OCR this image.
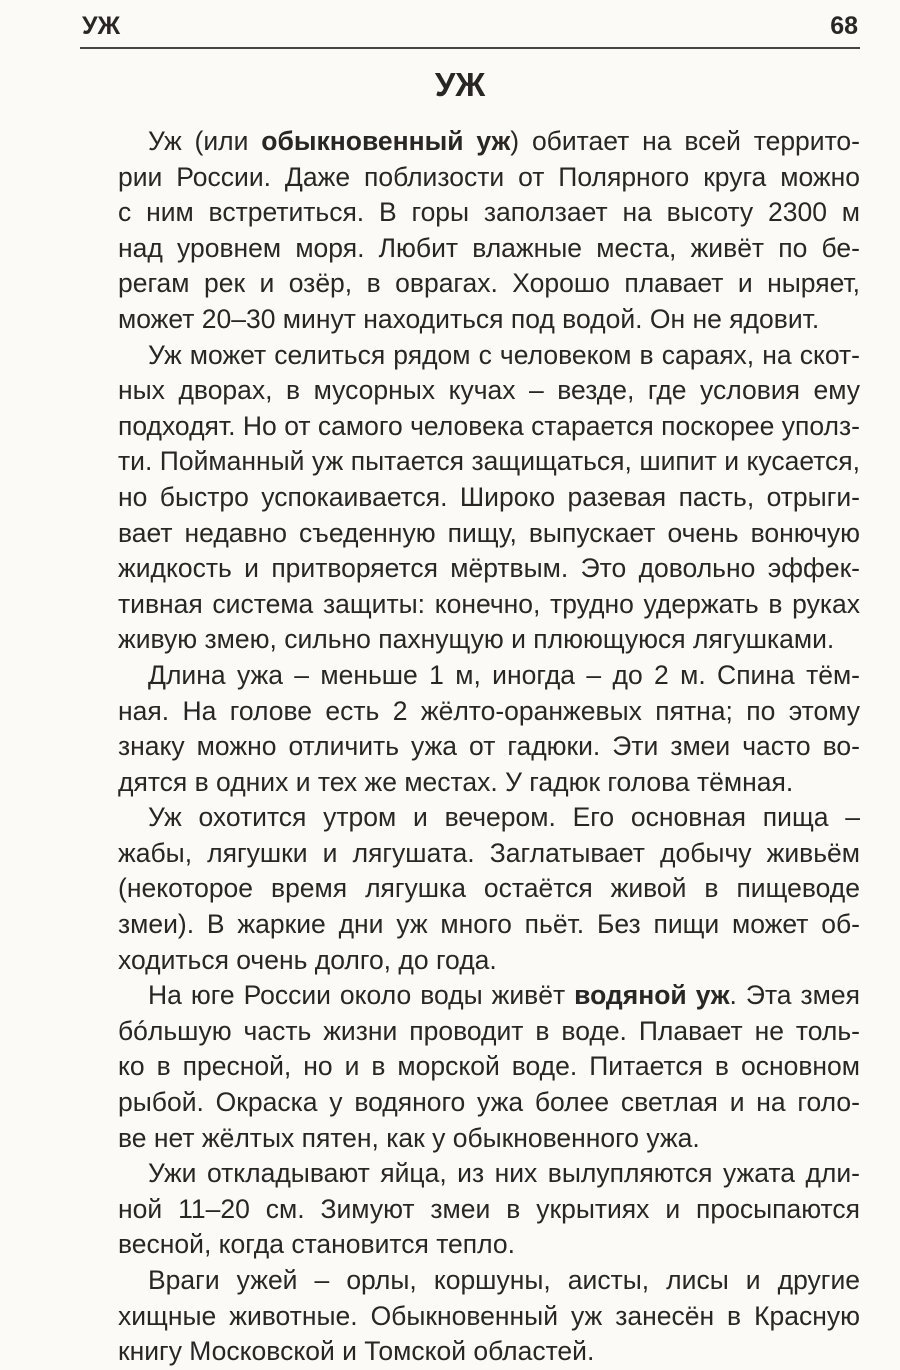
УЖ	68
УЖ
Уж (или обыкновенный уж) обитает на всей террито-
рии России. Даже поблизости от Полярного круга можно
с ним встретиться. В горы заползает на высоту 2300 м
над уровнем моря. Любит влажные места, живёт по бе-
регам рек и озёр, в оврагах. Хорошо плавает и ныряет,
может 20–30 минут находиться под водой. Он не ядовит.
Уж может селиться рядом с человеком в сараях, на скот-
ных дворах, в мусорных кучах – везде, где условия ему
подходят. Но от самого человека старается поскорее уполз-
ти. Пойманный уж пытается защищаться, шипит и кусается,
но быстро успокаивается. Широко разевая пасть, отрыги-
вает недавно съеденную пищу, выпускает очень вонючую
жидкость и притворяется мёртвым. Это довольно эффек-
тивная система защиты: конечно, трудно удержать в руках
живую змею, сильно пахнущую и плюющуюся лягушками.
Длина ужа – меньше 1 м, иногда – до 2 м. Спина тём-
ная. На голове есть 2 жёлто-оранжевых пятна; по этому
знаку можно отличить ужа от гадюки. Эти змеи часто во-
дятся в одних и тех же местах. У гадюк голова тёмная.
Уж охотится утром и вечером. Его основная пища –
жабы, лягушки и лягушата. Заглатывает добычу живьём
(некоторое время лягушка остаётся живой в пищеводе
змеи). В жаркие дни уж много пьёт. Без пищи может об-
ходиться очень долго, до года.
На юге России около воды живёт водяной уж. Эта змея
бóльшую часть жизни проводит в воде. Плавает не толь-
ко в пресной, но и в морской воде. Питается в основном
рыбой. Окраска у водяного ужа более светлая и на голо-
ве нет жёлтых пятен, как у обыкновенного ужа.
Ужи откладывают яйца, из них вылупляются ужата дли-
ной 11–20 см. Зимуют змеи в укрытиях и просыпаются
весной, когда становится тепло.
Враги ужей – орлы, коршуны, аисты, лисы и другие
хищные животные. Обыкновенный уж занесён в Красную
книгу Московской и Томской областей.
